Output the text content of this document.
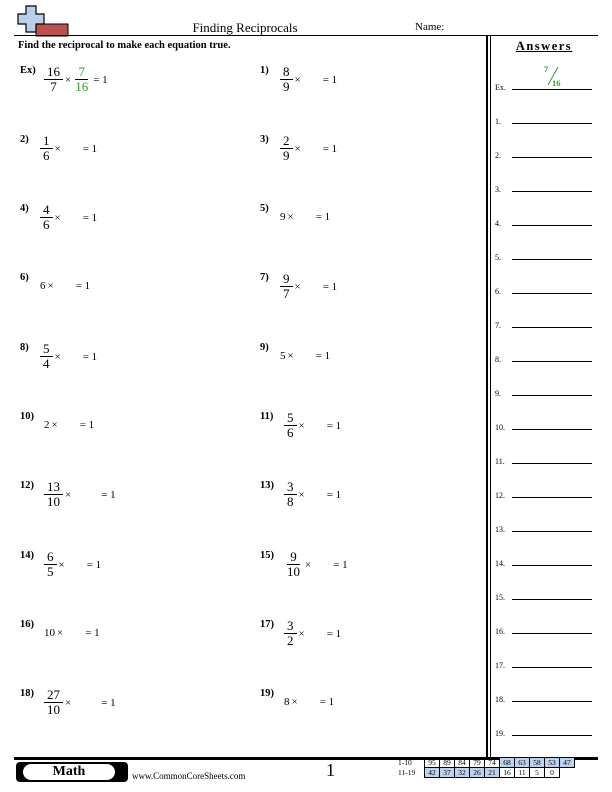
Finding Reciprocals	Name:
Find the reciprocal to make each equation true.
$Ex) \frac{16}{7} \times \frac{7}{16} = 1$
$1) \frac{8}{9}$ × = 1
$2) \frac{1}{6}$ × = 1
$3) \frac{2}{9}$ × = 1
$4) \frac{4}{6}$ × = 1
5)
9 × = 1
6)
6 × = 1
$7) \frac{9}{7}$ × = 1
$8) \frac{5}{4}$ × = 1
9)
5 × = 1
10)
2 × = 1
$11) \frac{5}{6}$ × = 1
$12) \frac{13}{10}$ ×	= 1
$13) \frac{3}{8}$ × = 1
$14) \frac{6}{5}$ × = 1
$15) \frac{9}{10}$ × = 1
16)
10 × = 1
$17) \frac{3}{2}$ × = 1
$18) \frac{27}{10}$ ×	= 1
19)
8 × = 1
Answers
Ex.
7
16
1.
2.
3.
4.
5.
6.
7.
8.
9.
10.
11.
12.
13.
14.
15.
16.
17.
18.
19.
Math	www.CommonCoreSheets.com	1	1-10	95	89	84	79	74	68	63	58	53	47
11-19	42	37	32	26	21	16	11	5	0	
